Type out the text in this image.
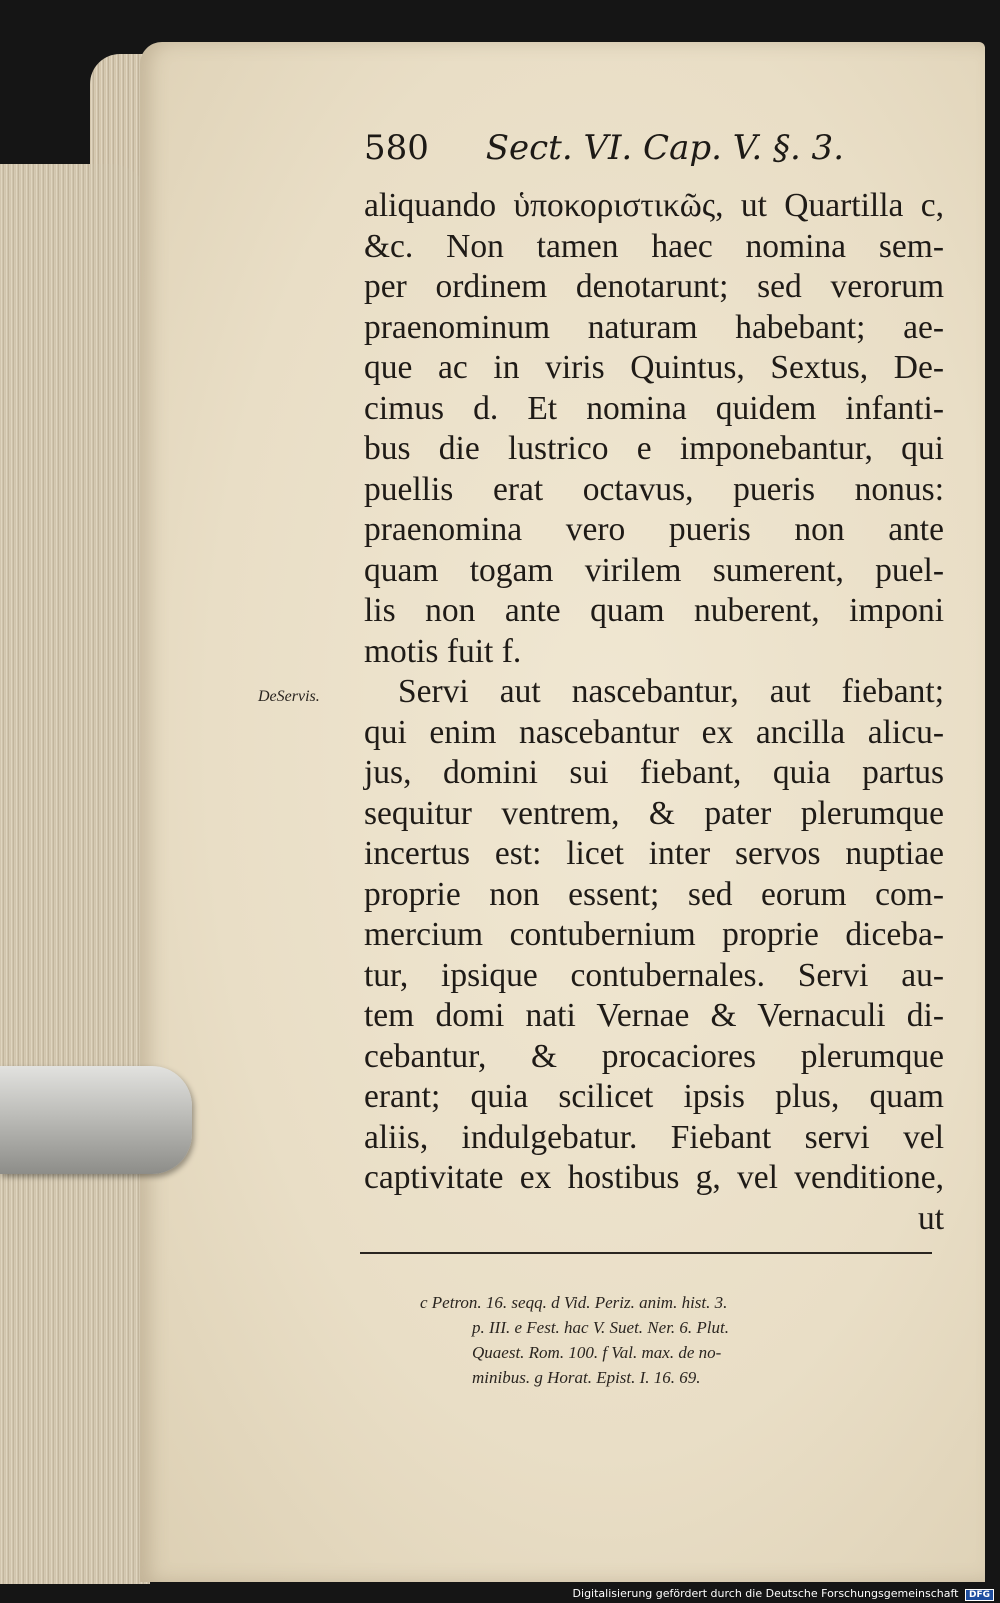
580 Sect. VI. Cap. V. §. 3.
DeServis.
aliquando ὑποκοριστικῶς, ut Quartilla c,
&c. Non tamen haec nomina sem-
per ordinem denotarunt; sed verorum
praenominum naturam habebant; ae-
que ac in viris Quintus, Sextus, De-
cimus d. Et nomina quidem infanti-
bus die lustrico e imponebantur, qui
puellis erat octavus, pueris nonus:
praenomina vero pueris non ante
quam togam virilem sumerent, puel-
lis non ante quam nuberent, imponi
motis fuit f.
Servi aut nascebantur, aut fiebant;
qui enim nascebantur ex ancilla alicu-
jus, domini sui fiebant, quia partus
sequitur ventrem, & pater plerumque
incertus est: licet inter servos nuptiae
proprie non essent; sed eorum com-
mercium contubernium proprie diceba-
tur, ipsique contubernales. Servi au-
tem domi nati Vernae & Vernaculi di-
cebantur, & procaciores plerumque
erant; quia scilicet ipsis plus, quam
aliis, indulgebatur. Fiebant servi vel
captivitate ex hostibus g, vel venditione,
ut
c Petron. 16. seqq. d Vid. Periz. anim. hist. 3.
p. III. e Fest. hac V. Suet. Ner. 6. Plut.
Quaest. Rom. 100. f Val. max. de no-
minibus. g Horat. Epist. I. 16. 69.
Digitalisierung gefördert durch die Deutsche Forschungsgemeinschaft DFG
